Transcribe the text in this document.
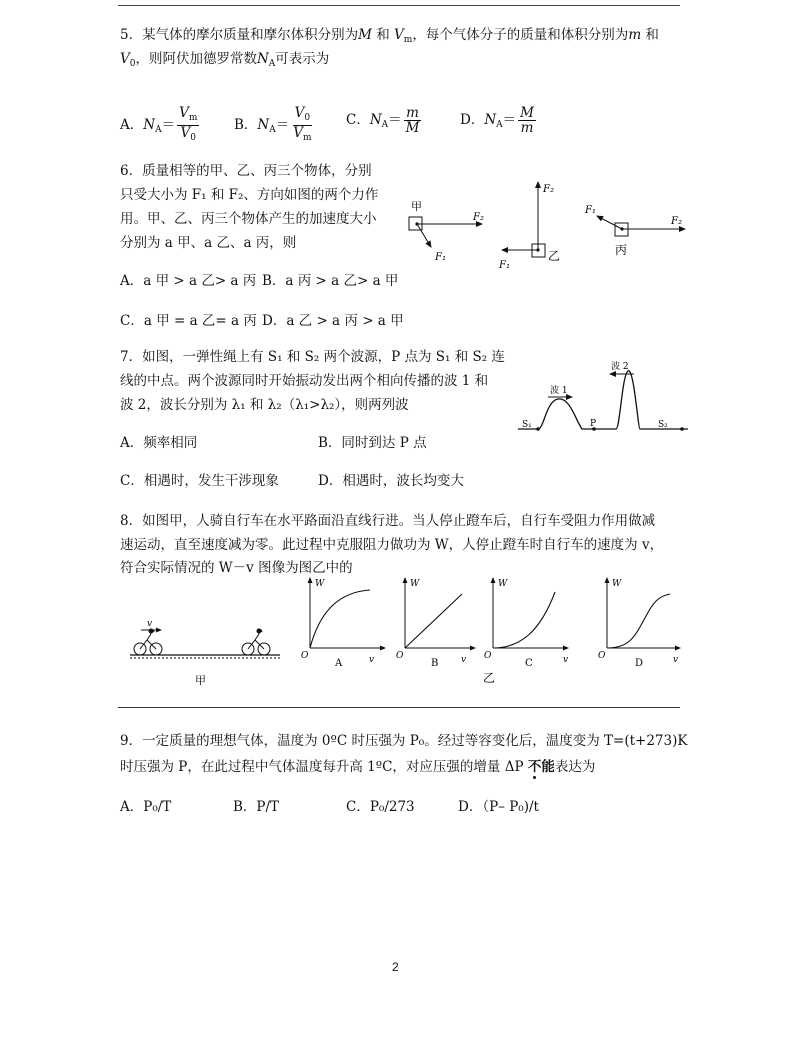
5．某气体的摩尔质量和摩尔体积分别为M 和 $V_m$，每个气体分子的质量和体积分别为m 和
$V_0$，则阿伏加德罗常数$N_A$可表示为
A．$N_A= \frac{V_m}{V_0}$	B．$N_A= \frac{V_0}{V_m}$ C．$N_A= \frac{m}{M}$	D．$N_A= \frac{M}{m}$
6．质量相等的甲、乙、丙三个物体，分别
只受大小为 F₁ 和 F₂、方向如图的两个力作
用。甲、乙、丙三个物体产生的加速度大小
分别为 a 甲、a 乙、a 丙，则
A．a 甲 > a 乙> a 丙 B．a 丙 > a 乙> a 甲
C．a 甲 = a 乙= a 丙 D．a 乙 > a 丙 > a 甲
甲
F₂
F₁
F₂
F₁
乙
F₁
F₂
丙
7．如图，一弹性绳上有 S₁ 和 S₂ 两个波源，P 点为 S₁ 和 S₂ 连
线的中点。两个波源同时开始振动发出两个相向传播的波 1 和
波 2，波长分别为 λ₁ 和 λ₂（λ₁>λ₂），则两列波
A．频率相同	B．同时到达 P 点
C．相遇时，发生干涉现象	D．相遇时，波长均变大
波 1
波 2
S₁	P	S₂
8．如图甲，人骑自行车在水平路面沿直线行进。当人停止蹬车后，自行车受阻力作用做减
速运动，直至速度减为零。此过程中克服阻力做功为 W，人停止蹬车时自行车的速度为 v，
符合实际情况的 W－v 图像为图乙中的
v
甲
W
O	v
A
W
O	v
B
W
O	v
C
乙
W
O	v
D
9．一定质量的理想气体，温度为 0ºC 时压强为 P₀。经过等容变化后，温度变为 T=(t+273)K
时压强为 P，在此过程中气体温度每升高 1ºC，对应压强的增量 ΔP 不能表达为
A．P₀/T	B．P/T	C．P₀/273	D．（P– P₀)/t
2
